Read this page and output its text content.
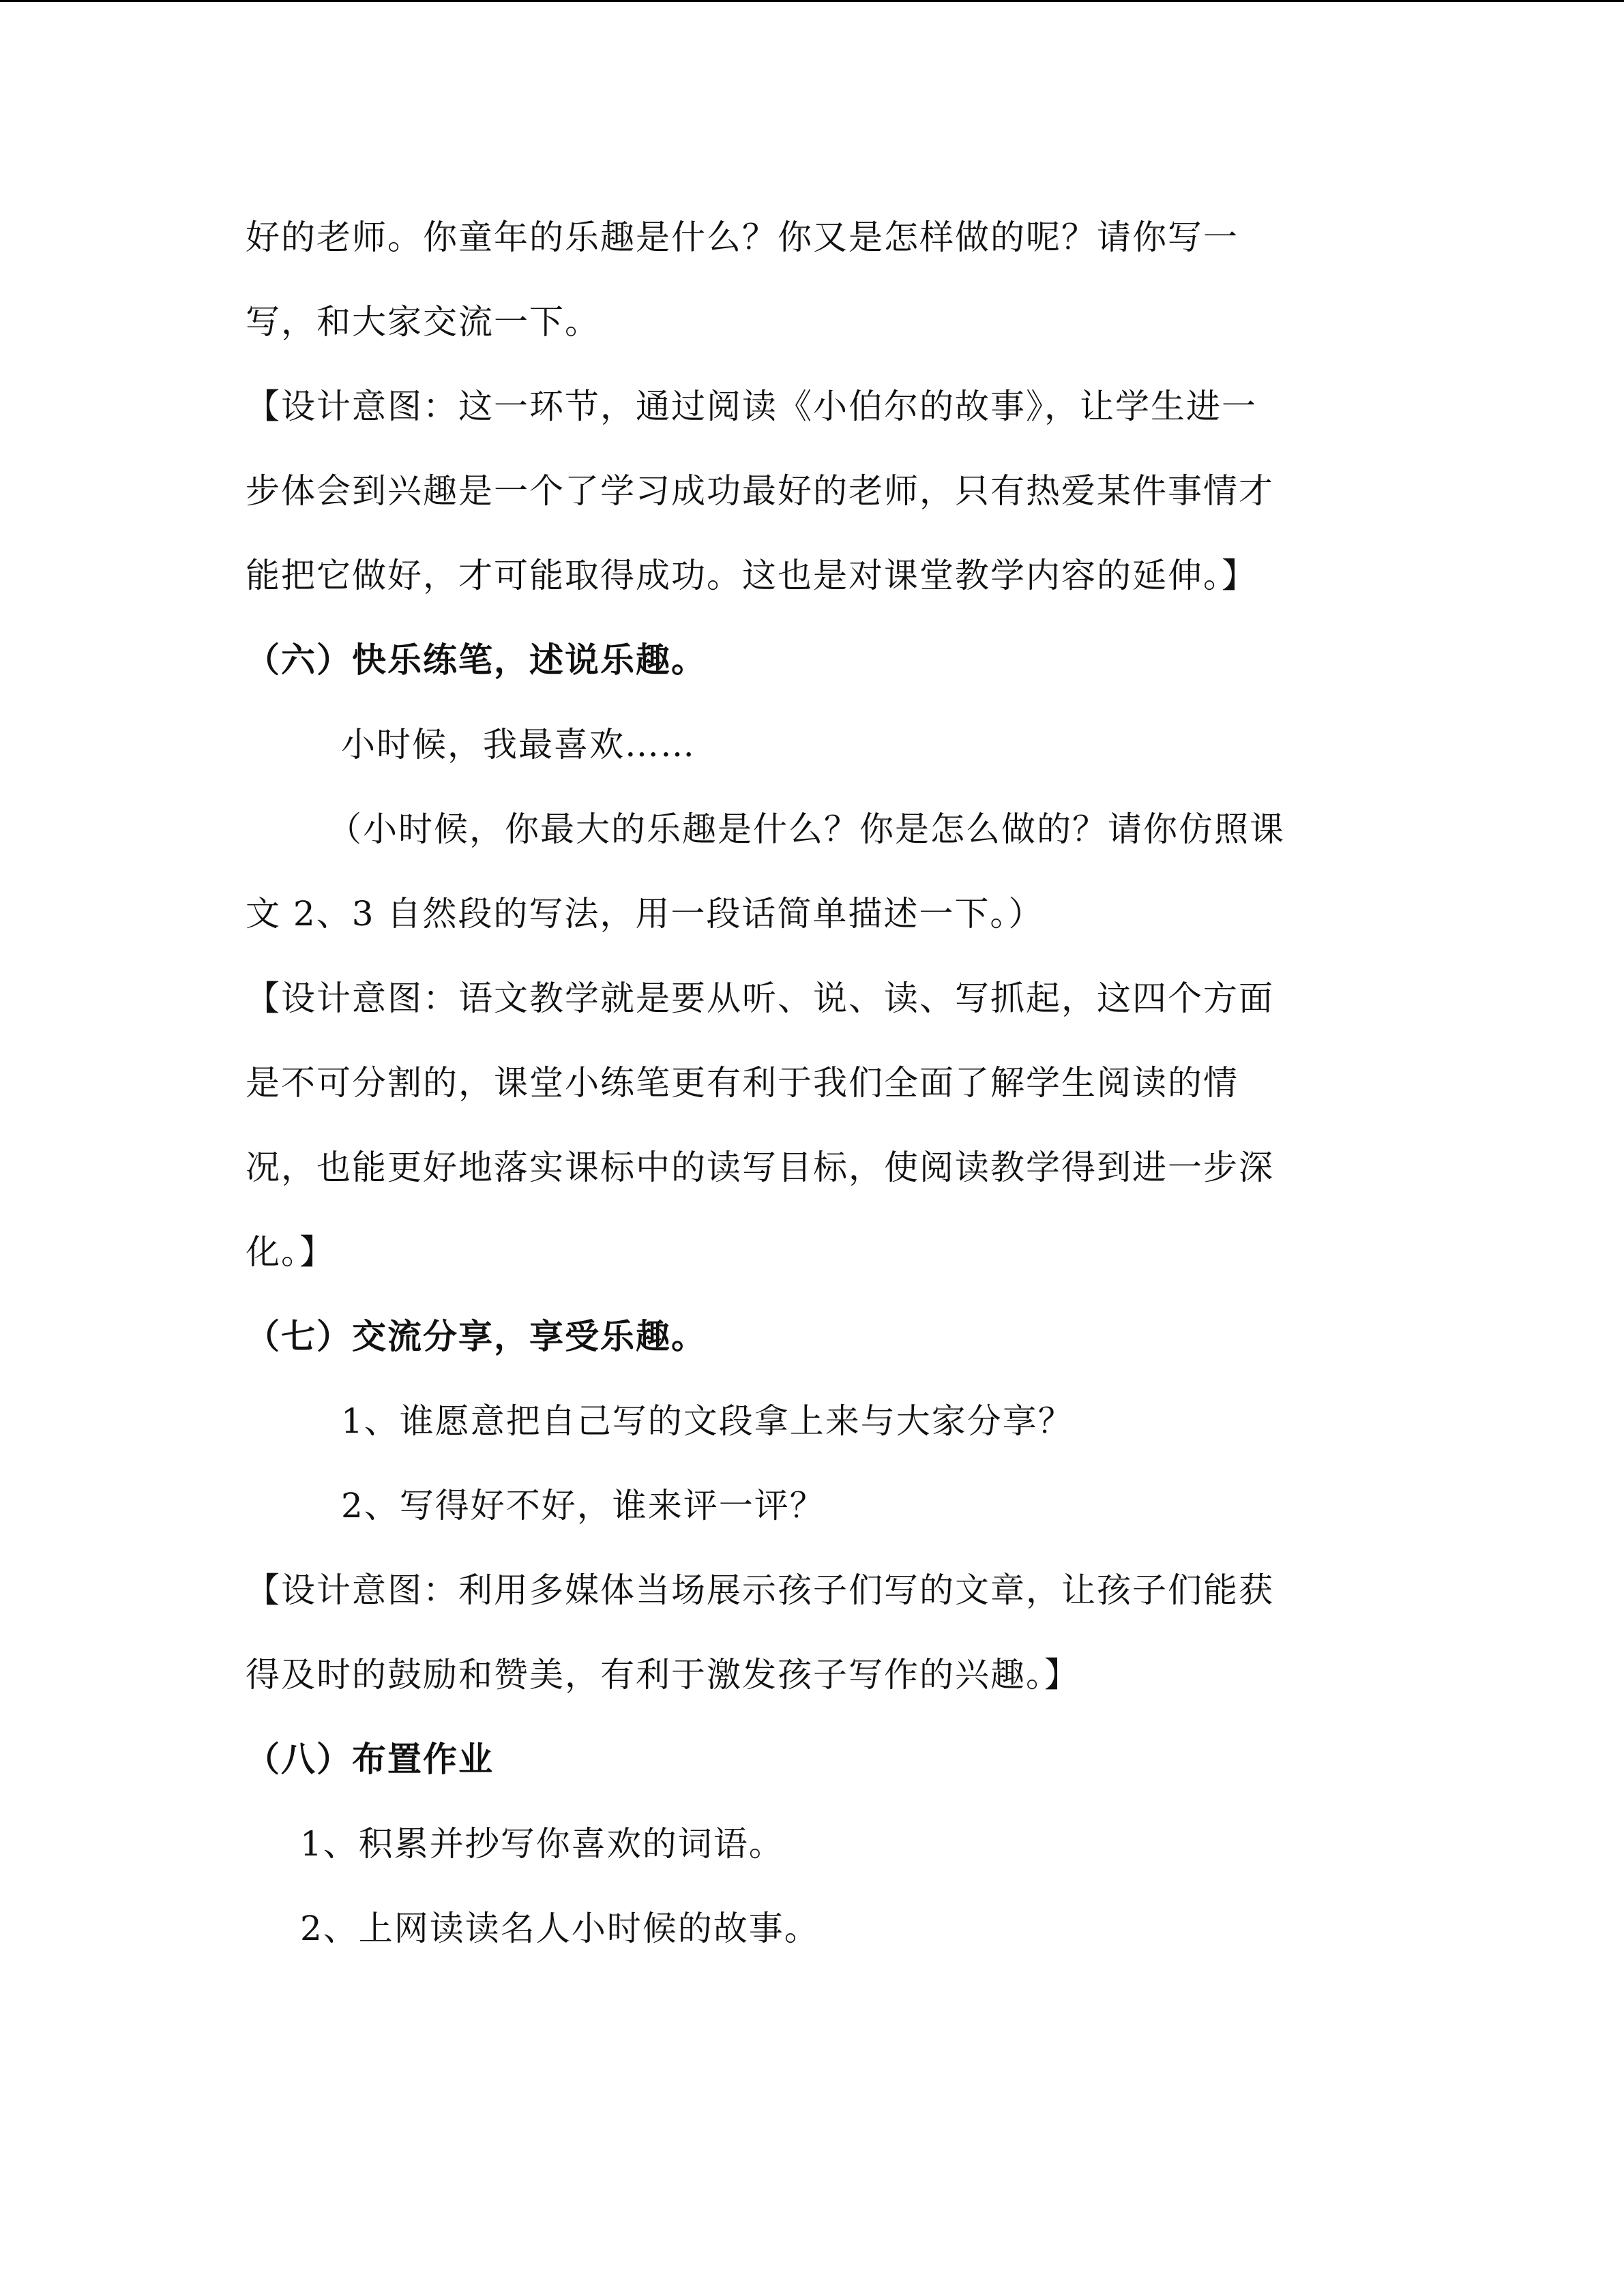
好的老师。你童年的乐趣是什么？你又是怎样做的呢？请你写一
写，和大家交流一下。
【设计意图：这一环节，通过阅读《小伯尔的故事》，让学生进一
步体会到兴趣是一个了学习成功最好的老师，只有热爱某件事情才
能把它做好，才可能取得成功。这也是对课堂教学内容的延伸。】
（六）快乐练笔，述说乐趣。
小时候，我最喜欢……
（小时候，你最大的乐趣是什么？你是怎么做的？请你仿照课
文 2、3 自然段的写法，用一段话简单描述一下。）
【设计意图：语文教学就是要从听、说、读、写抓起，这四个方面
是不可分割的，课堂小练笔更有利于我们全面了解学生阅读的情
况，也能更好地落实课标中的读写目标，使阅读教学得到进一步深
化。】
（七）交流分享，享受乐趣。
1、谁愿意把自己写的文段拿上来与大家分享？
2、写得好不好，谁来评一评？
【设计意图：利用多媒体当场展示孩子们写的文章，让孩子们能获
得及时的鼓励和赞美，有利于激发孩子写作的兴趣。】
（八）布置作业
1、积累并抄写你喜欢的词语。
2、上网读读名人小时候的故事。
